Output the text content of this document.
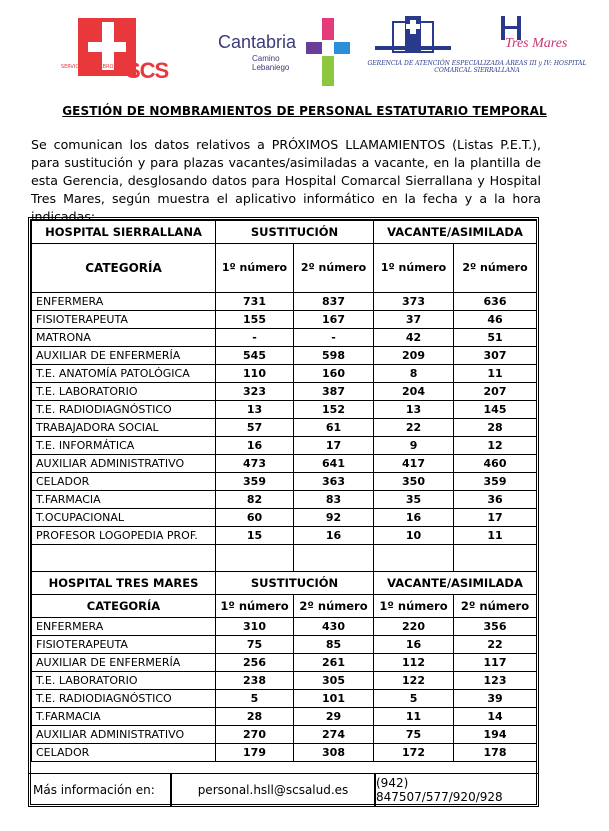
SERVICIO CÁNTABRO DE SALUD SCS
Cantabria
Camino Lebaniego
Tres Mares
GERENCIA DE ATENCIÓN ESPECIALIZADA ÁREAS III y IV: HOSPITAL COMARCAL SIERRALLANA
GESTIÓN DE NOMBRAMIENTOS DE PERSONAL ESTATUTARIO TEMPORAL
Se comunican los datos relativos a PRÓXIMOS LLAMAMIENTOS (Listas P.E.T.), para sustitución y para plazas vacantes/asimiladas a vacante, en la plantilla de esta Gerencia, desglosando datos para Hospital Comarcal Sierrallana y Hospital Tres Mares, según muestra el aplicativo informático en la fecha y a la hora indicadas:
HOSPITAL SIERRALLANA	SUSTITUCIÓN		VACANTE/ASIMILADA	
CATEGORÍA	1º número	2º número	1º número	2º número
ENFERMERA	731	837	373	636
FISIOTERAPEUTA	155	167	37	46
MATRONA	-	-	42	51
AUXILIAR DE ENFERMERÍA	545	598	209	307
T.E. ANATOMÍA PATOLÓGICA	110	160	8	11
T.E. LABORATORIO	323	387	204	207
T.E. RADIODIAGNÓSTICO	13	152	13	145
TRABAJADORA SOCIAL	57	61	22	28
T.E. INFORMÁTICA	16	17	9	12
AUXILIAR ADMINISTRATIVO	473	641	417	460
CELADOR	359	363	350	359
T.FARMACIA	82	83	35	36
T.OCUPACIONAL	60	92	16	17
PROFESOR LOGOPEDIA PROF.	15	16	10	11

HOSPITAL TRES MARES	SUSTITUCIÓN		VACANTE/ASIMILADA	
CATEGORÍA	1º número	2º número	1º número	2º número
ENFERMERA	310	430	220	356
FISIOTERAPEUTA	75	85	16	22
AUXILIAR DE ENFERMERÍA	256	261	112	117
T.E. LABORATORIO	238	305	122	123
T.E. RADIODIAGNÓSTICO	5	101	5	39
T.FARMACIA	28	29	11	14
AUXILIAR ADMINISTRATIVO	270	274	75	194
CELADOR	179	308	172	178
Más información en:	personal.hsll@scsalud.es	(942) 847507/577/920/928
